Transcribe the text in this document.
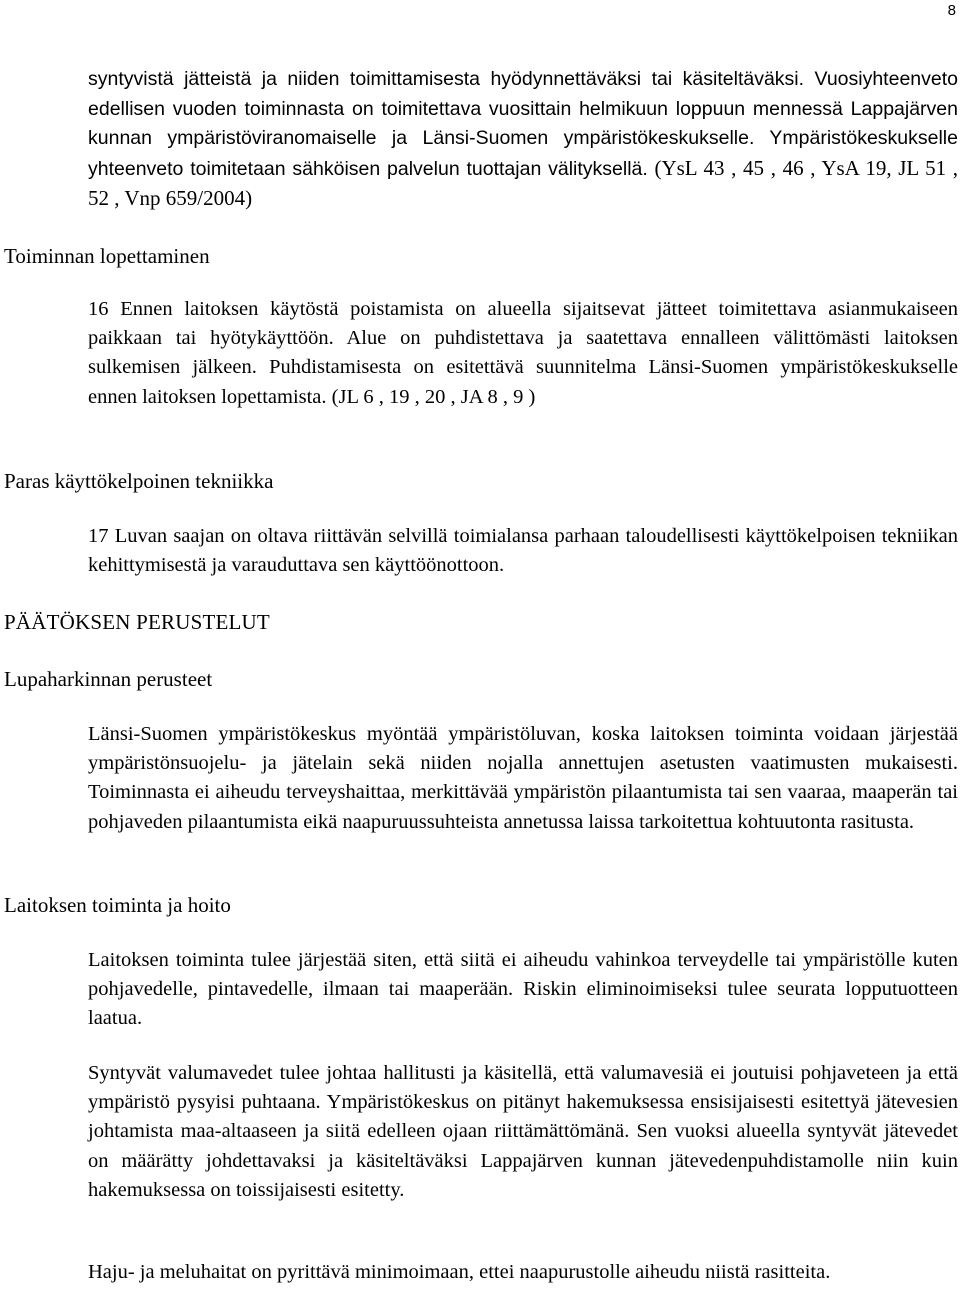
8

syntyvistä jätteistä ja niiden toimittamisesta hyödynnettäväksi tai käsiteltäväksi. Vuosiyhteenveto edellisen vuoden toiminnasta on toimitettava vuosittain helmikuun loppuun mennessä Lappajärven kunnan ympäristöviranomaiselle ja Länsi-Suomen ympäristökeskukselle. Ympäristökeskukselle yhteenveto toimitetaan sähköisen palvelun tuottajan välityksellä. (YsL 43 , 45 , 46 , YsA 19, JL 51 , 52 , Vnp 659/2004)

Toiminnan lopettaminen

16 Ennen laitoksen käytöstä poistamista on alueella sijaitsevat jätteet toimitettava asianmukaiseen paikkaan tai hyötykäyttöön. Alue on puhdistettava ja saatettava ennalleen välittömästi laitoksen sulkemisen jälkeen. Puhdistamisesta on esitettävä suunnitelma Länsi-Suomen ympäristökeskukselle ennen laitoksen lopettamista. (JL 6 , 19 , 20 , JA 8 , 9 )

Paras käyttökelpoinen tekniikka

17 Luvan saajan on oltava riittävän selvillä toimialansa parhaan taloudellisesti käyttökelpoisen tekniikan kehittymisestä ja varauduttava sen käyttöönottoon.

PÄÄTÖKSEN PERUSTELUT
Lupaharkinnan perusteet

Länsi-Suomen ympäristökeskus myöntää ympäristöluvan, koska laitoksen toiminta voidaan järjestää ympäristönsuojelu- ja jätelain sekä niiden nojalla annettujen asetusten vaatimusten mukaisesti. Toiminnasta ei aiheudu terveyshaittaa, merkittävää ympäristön pilaantumista tai sen vaaraa, maaperän tai pohjaveden pilaantumista eikä naapuruussuhteista annetussa laissa tarkoitettua kohtuutonta rasitusta.

Laitoksen toiminta ja hoito

Laitoksen toiminta tulee järjestää siten, että siitä ei aiheudu vahinkoa terveydelle tai ympäristölle kuten pohjavedelle, pintavedelle, ilmaan tai maaperään. Riskin eliminoimiseksi tulee seurata lopputuotteen laatua.

Syntyvät valumavedet tulee johtaa hallitusti ja käsitellä, että valumavesiä ei joutuisi pohjaveteen ja että ympäristö pysyisi puhtaana. Ympäristökeskus on pitänyt hakemuksessa ensisijaisesti esitettyä jätevesien johtamista maa-altaaseen ja siitä edelleen ojaan riittämättömänä. Sen vuoksi alueella syntyvät jätevedet on määrätty johdettavaksi ja käsiteltäväksi Lappajärven kunnan jätevedenpuhdistamolle niin kuin hakemuksessa on toissijaisesti esitetty.

Haju- ja meluhaitat on pyrittävä minimoimaan, ettei naapurustolle aiheudu niistä rasitteita.
